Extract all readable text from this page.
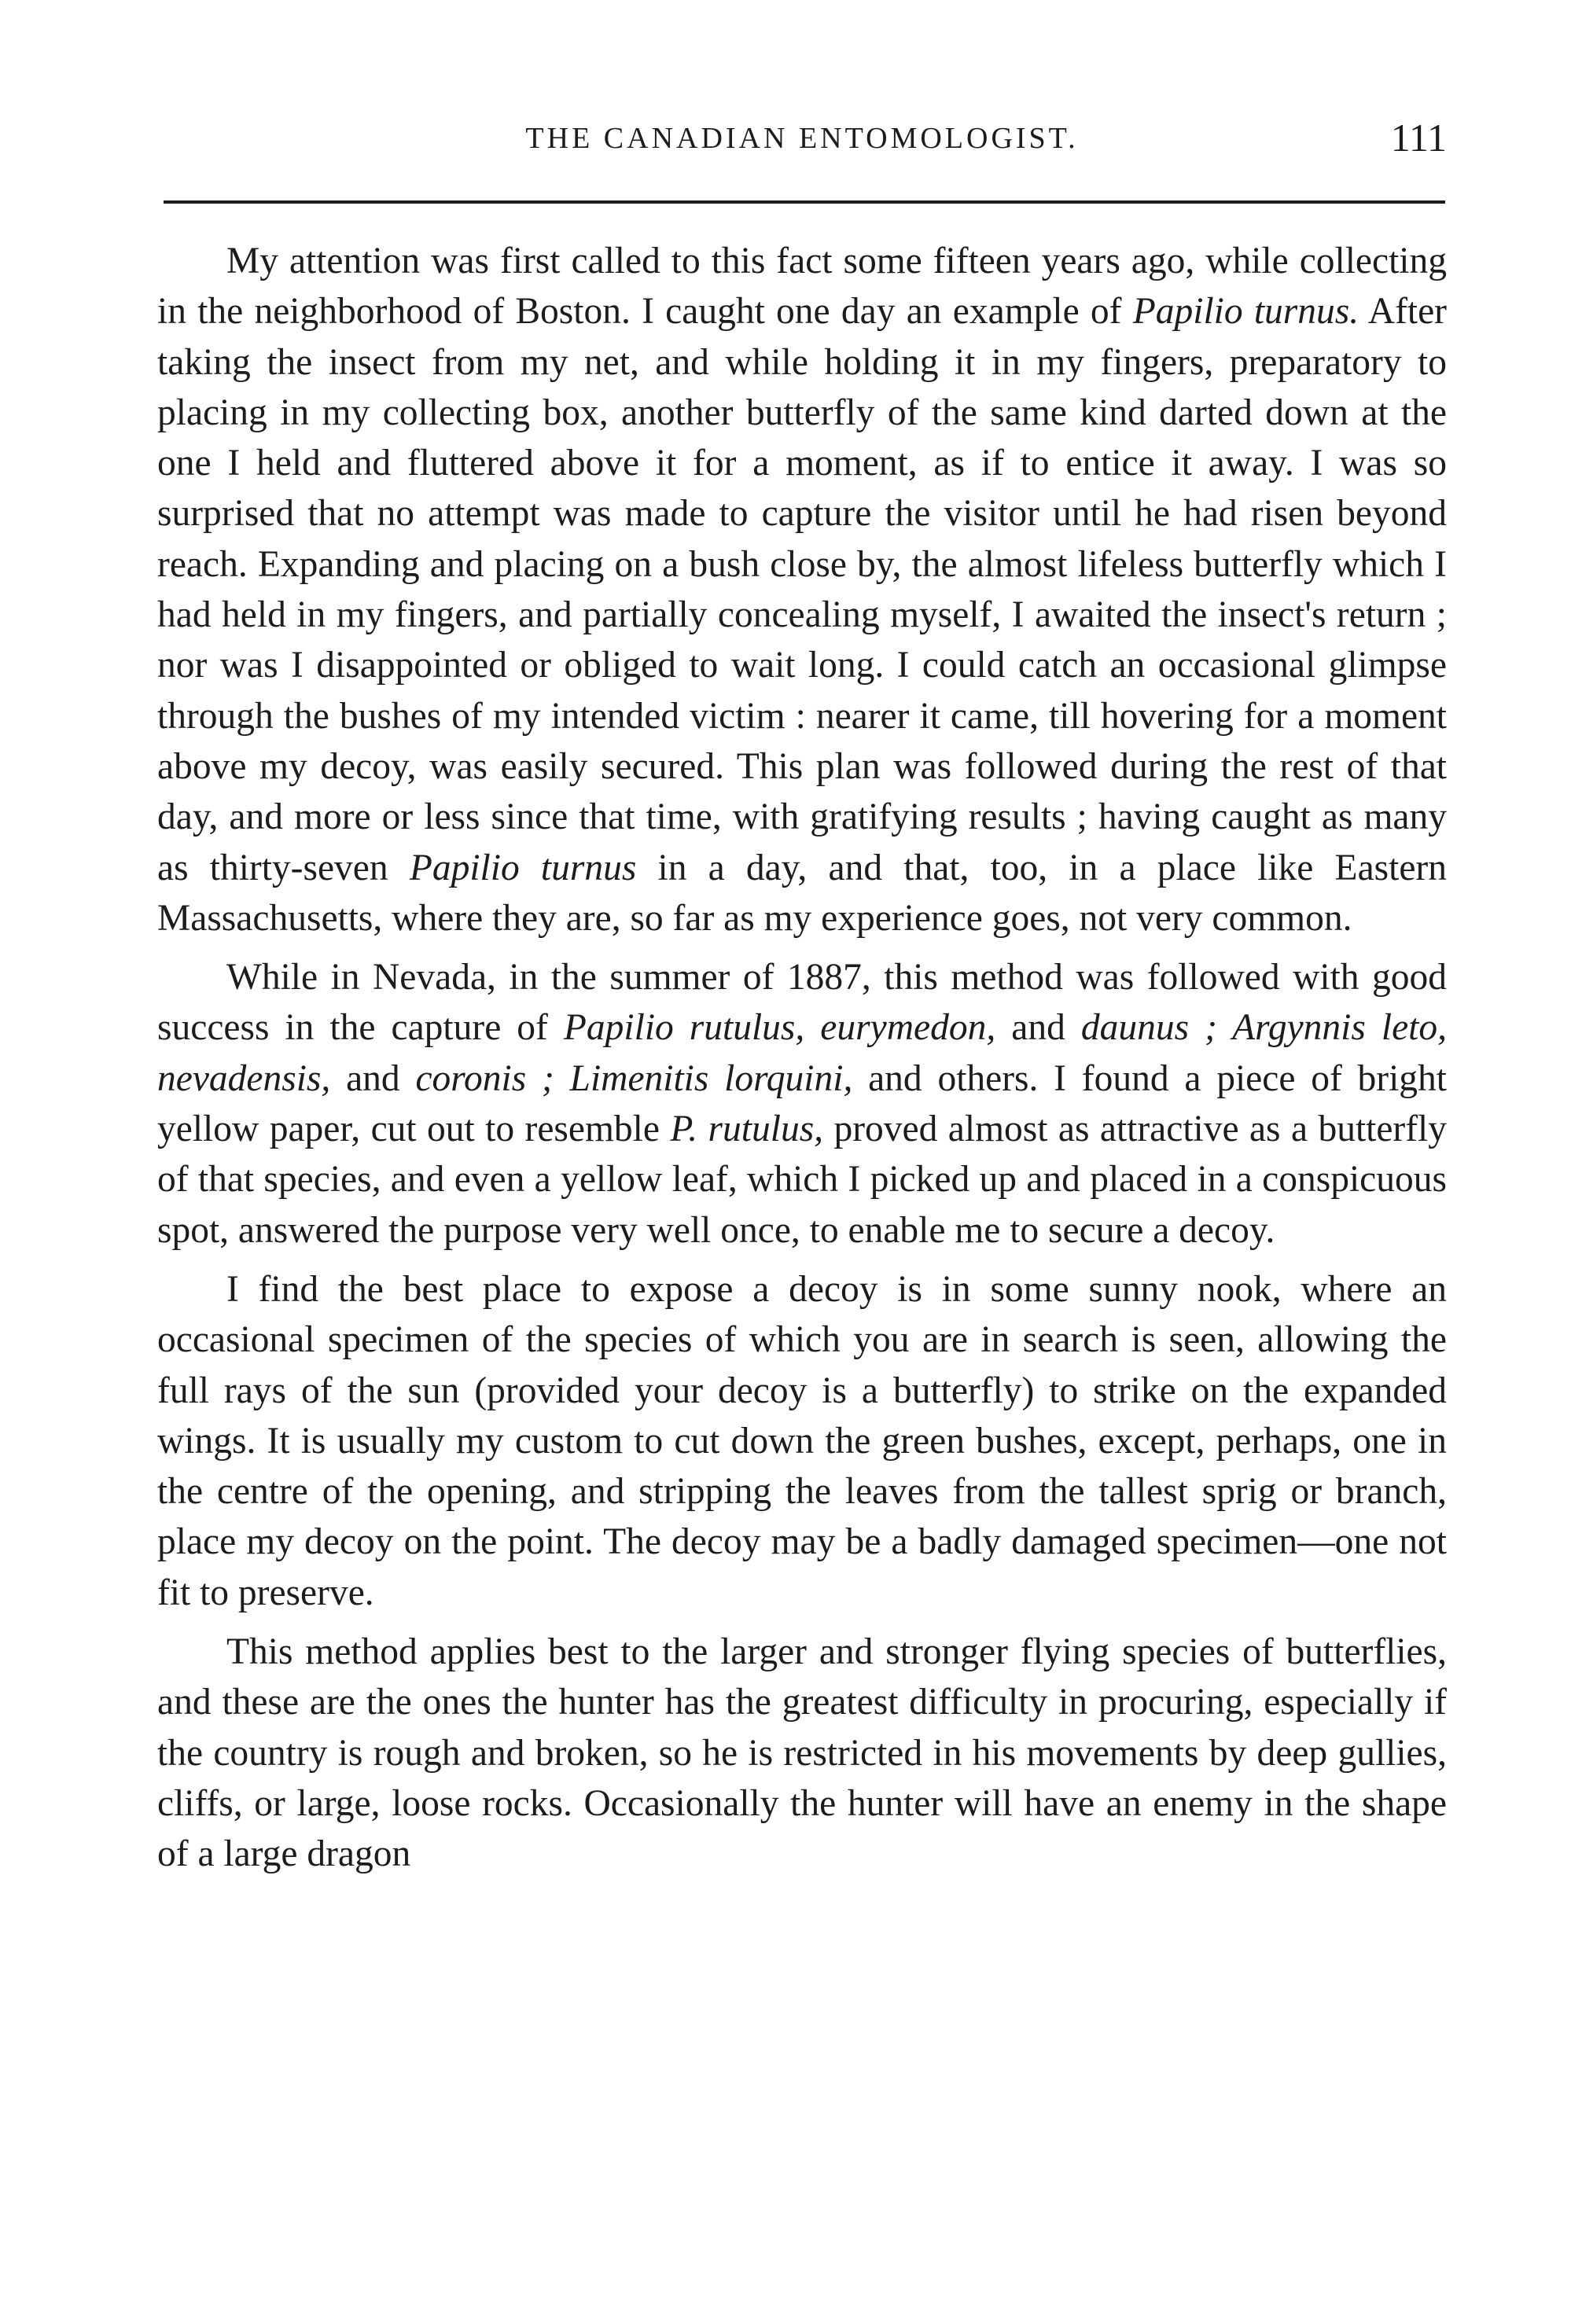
THE CANADIAN ENTOMOLOGIST.	111

My attention was first called to this fact some fifteen years ago, while collecting in the neighborhood of Boston. I caught one day an example of Papilio turnus. After taking the insect from my net, and while holding it in my fingers, preparatory to placing in my collecting box, another butterfly of the same kind darted down at the one I held and fluttered above it for a moment, as if to entice it away. I was so surprised that no attempt was made to capture the visitor until he had risen beyond reach. Expanding and placing on a bush close by, the almost lifeless butterfly which I had held in my fingers, and partially concealing myself, I awaited the insect's return ; nor was I disappointed or obliged to wait long. I could catch an occasional glimpse through the bushes of my intended victim : nearer it came, till hovering for a moment above my decoy, was easily secured. This plan was followed during the rest of that day, and more or less since that time, with gratifying results ; having caught as many as thirty-seven Papilio turnus in a day, and that, too, in a place like Eastern Massachusetts, where they are, so far as my experience goes, not very common.

While in Nevada, in the summer of 1887, this method was followed with good success in the capture of Papilio rutulus, eurymedon, and daunus ; Argynnis leto, nevadensis, and coronis ; Limenitis lorquini, and others. I found a piece of bright yellow paper, cut out to resemble P. rutulus, proved almost as attractive as a butterfly of that species, and even a yellow leaf, which I picked up and placed in a conspicuous spot, answered the purpose very well once, to enable me to secure a decoy.

I find the best place to expose a decoy is in some sunny nook, where an occasional specimen of the species of which you are in search is seen, allowing the full rays of the sun (provided your decoy is a butterfly) to strike on the expanded wings. It is usually my custom to cut down the green bushes, except, perhaps, one in the centre of the opening, and stripping the leaves from the tallest sprig or branch, place my decoy on the point. The decoy may be a badly damaged specimen—one not fit to preserve.

This method applies best to the larger and stronger flying species of butterflies, and these are the ones the hunter has the greatest difficulty in procuring, especially if the country is rough and broken, so he is restricted in his movements by deep gullies, cliffs, or large, loose rocks. Occasionally the hunter will have an enemy in the shape of a large dragon
